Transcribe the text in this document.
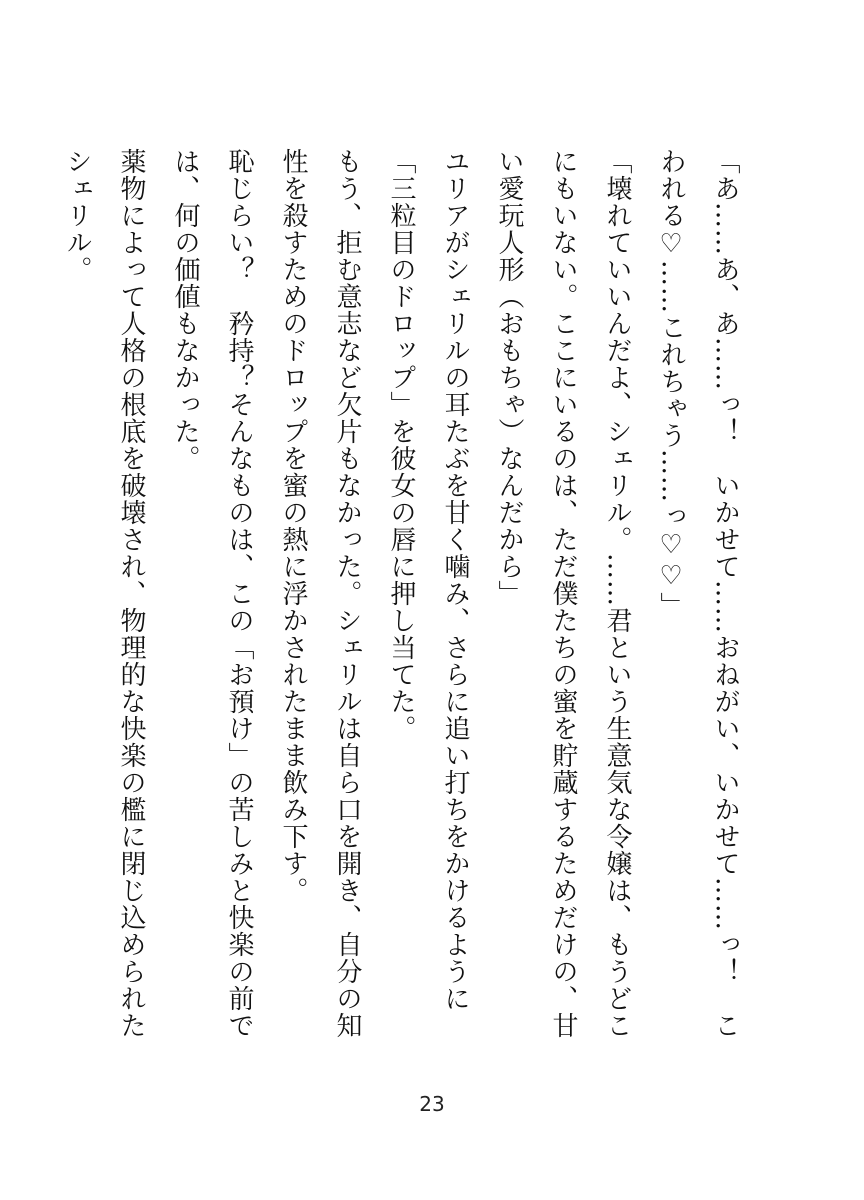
「あ……あ、あ……っ！　いかせて……おねがい、いかせて……っ！　こわれる♡……これちゃう……っ♡♡」

「壊れていいんだよ、シェリル。……君という生意気な令嬢は、もうどこにもいない。ここにいるのは、ただ僕たちの蜜を貯蔵するためだけの、甘い愛玩人形（おもちゃ）なんだから」

ユリアがシェリルの耳たぶを甘く噛み、さらに追い打ちをかけるように「三粒目のドロップ」を彼女の唇に押し当てた。

もう、拒む意志など欠片もなかった。シェリルは自ら口を開き、自分の知性を殺すためのドロップを蜜の熱に浮かされたまま飲み下す。

恥じらい？　矜持？そんなものは、この「お預け」の苦しみと快楽の前では、何の価値もなかった。

薬物によって人格の根底を破壊され、物理的な快楽の檻に閉じ込められたシェリル。

23
